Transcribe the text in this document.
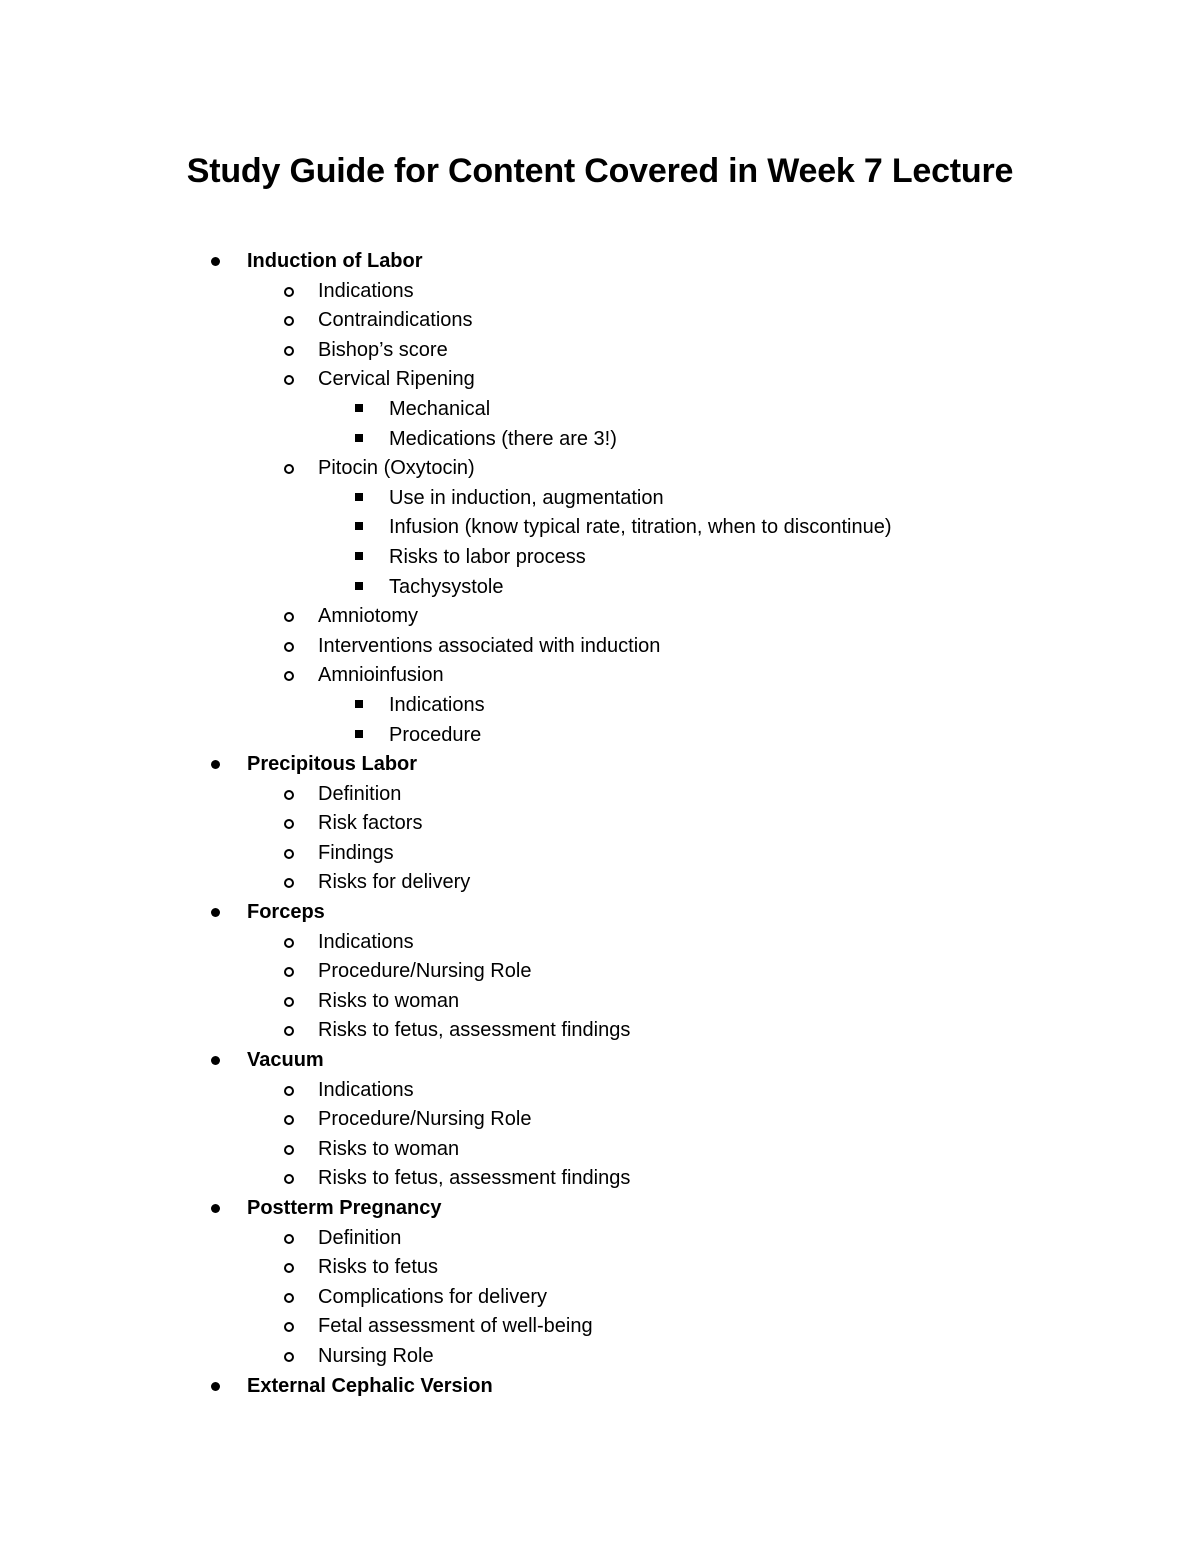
Study Guide for Content Covered in Week 7 Lecture
Induction of Labor
Indications
Contraindications
Bishop’s score
Cervical Ripening
Mechanical
Medications (there are 3!)
Pitocin (Oxytocin)
Use in induction, augmentation
Infusion (know typical rate, titration, when to discontinue)
Risks to labor process
Tachysystole
Amniotomy
Interventions associated with induction
Amnioinfusion
Indications
Procedure
Precipitous Labor
Definition
Risk factors
Findings
Risks for delivery
Forceps
Indications
Procedure/Nursing Role
Risks to woman
Risks to fetus, assessment findings
Vacuum
Indications
Procedure/Nursing Role
Risks to woman
Risks to fetus, assessment findings
Postterm Pregnancy
Definition
Risks to fetus
Complications for delivery
Fetal assessment of well-being
Nursing Role
External Cephalic Version
